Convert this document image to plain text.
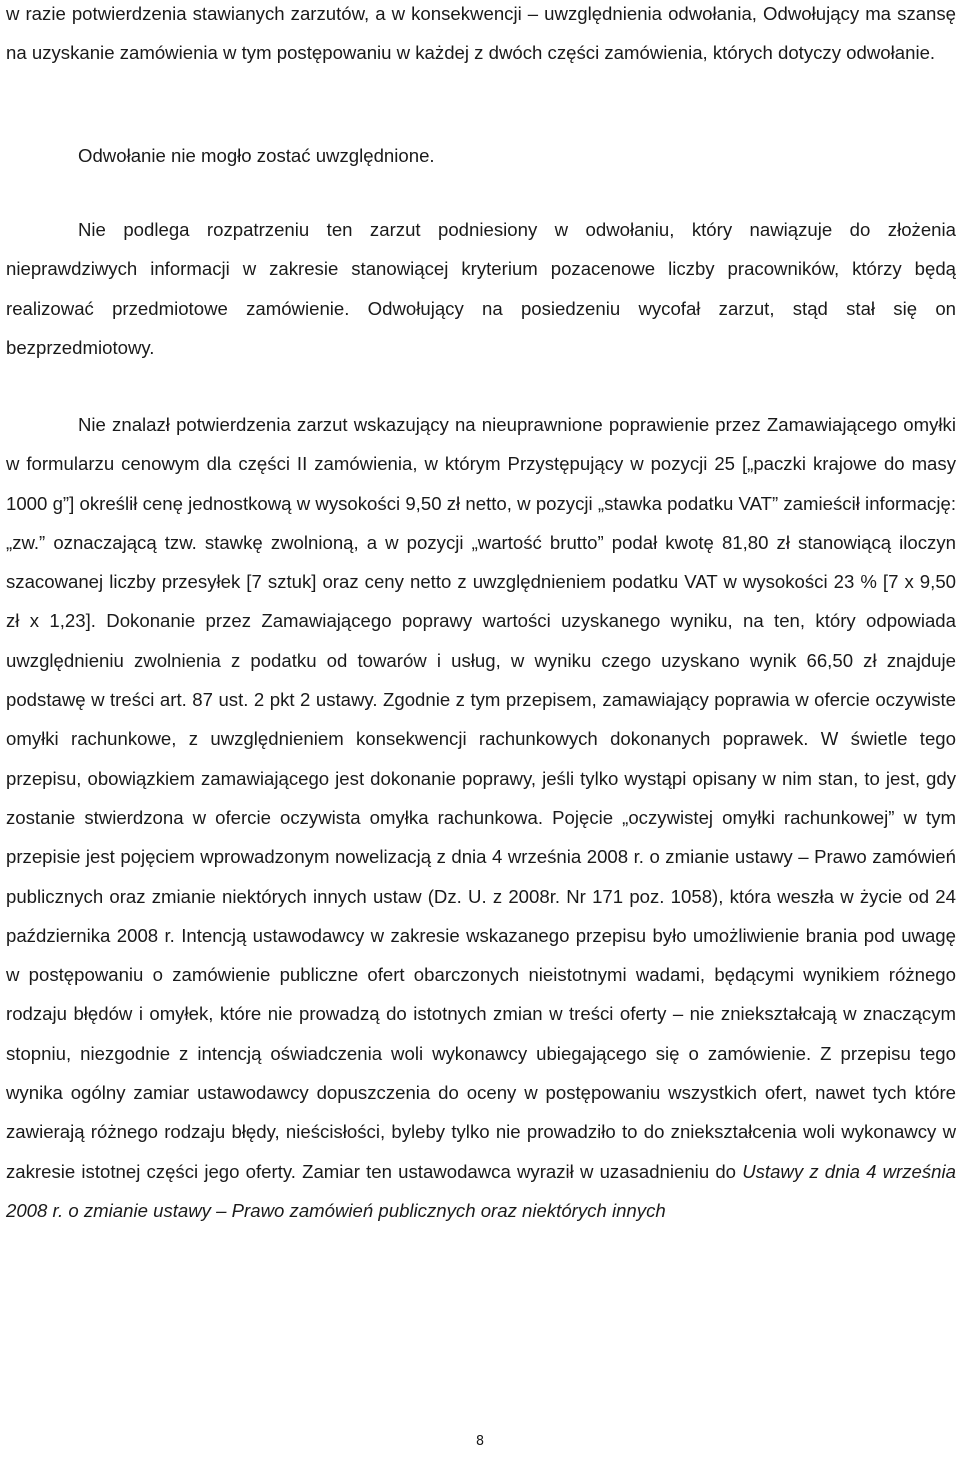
w razie potwierdzenia stawianych zarzutów, a w konsekwencji – uwzględnienia odwołania, Odwołujący ma szansę na uzyskanie zamówienia w tym postępowaniu w każdej z dwóch części zamówienia, których dotyczy odwołanie.

Odwołanie nie mogło zostać uwzględnione.

Nie podlega rozpatrzeniu ten zarzut podniesiony w odwołaniu, który nawiązuje do złożenia nieprawdziwych informacji w zakresie stanowiącej kryterium pozacenowe liczby pracowników, którzy będą realizować przedmiotowe zamówienie. Odwołujący na posiedzeniu wycofał zarzut, stąd stał się on bezprzedmiotowy.

Nie znalazł potwierdzenia zarzut wskazujący na nieuprawnione poprawienie przez Zamawiającego omyłki w formularzu cenowym dla części II zamówienia, w którym Przystępujący w pozycji 25 [„paczki krajowe do masy 1000 g”] określił cenę jednostkową w wysokości 9,50 zł netto, w pozycji „stawka podatku VAT” zamieścił informację: „zw.” oznaczającą tzw. stawkę zwolnioną, a w pozycji „wartość brutto” podał kwotę 81,80 zł stanowiącą iloczyn szacowanej liczby przesyłek [7 sztuk] oraz ceny netto z uwzględnieniem podatku VAT w wysokości 23 % [7 x 9,50 zł x 1,23]. Dokonanie przez Zamawiającego poprawy wartości uzyskanego wyniku, na ten, który odpowiada uwzględnieniu zwolnienia z podatku od towarów i usług, w wyniku czego uzyskano wynik 66,50 zł znajduje podstawę w treści art. 87 ust. 2 pkt 2 ustawy. Zgodnie z tym przepisem, zamawiający poprawia w ofercie oczywiste omyłki rachunkowe, z uwzględnieniem konsekwencji rachunkowych dokonanych poprawek. W świetle tego przepisu, obowiązkiem zamawiającego jest dokonanie poprawy, jeśli tylko wystąpi opisany w nim stan, to jest, gdy zostanie stwierdzona w ofercie oczywista omyłka rachunkowa. Pojęcie „oczywistej omyłki rachunkowej” w tym przepisie jest pojęciem wprowadzonym nowelizacją z dnia 4 września 2008 r. o zmianie ustawy – Prawo zamówień publicznych oraz zmianie niektórych innych ustaw (Dz. U. z 2008r. Nr 171 poz. 1058), która weszła w życie od 24 października 2008 r. Intencją ustawodawcy w zakresie wskazanego przepisu było umożliwienie brania pod uwagę w postępowaniu o zamówienie publiczne ofert obarczonych nieistotnymi wadami, będącymi wynikiem różnego rodzaju błędów i omyłek, które nie prowadzą do istotnych zmian w treści oferty – nie zniekształcają w znaczącym stopniu, niezgodnie z intencją oświadczenia woli wykonawcy ubiegającego się o zamówienie. Z przepisu tego wynika ogólny zamiar ustawodawcy dopuszczenia do oceny w postępowaniu wszystkich ofert, nawet tych które zawierają różnego rodzaju błędy, nieścisłości, byleby tylko nie prowadziło to do zniekształcenia woli wykonawcy w zakresie istotnej części jego oferty. Zamiar ten ustawodawca wyraził w uzasadnieniu do Ustawy z dnia 4 września 2008 r. o zmianie ustawy – Prawo zamówień publicznych oraz niektórych innych

8
